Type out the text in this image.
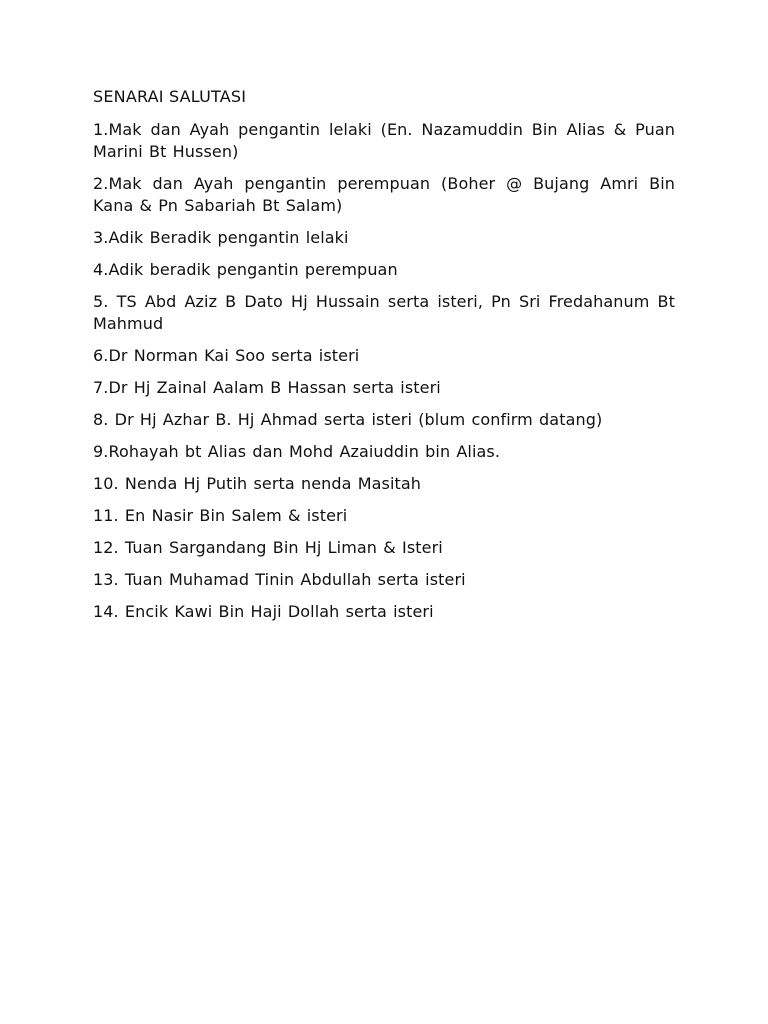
SENARAI SALUTASI

1.Mak dan Ayah pengantin lelaki (En. Nazamuddin Bin Alias & Puan Marini Bt Hussen)

2.Mak dan Ayah pengantin perempuan (Boher @ Bujang Amri Bin Kana & Pn Sabariah Bt Salam)

3.Adik Beradik pengantin lelaki

4.Adik beradik pengantin perempuan

5. TS Abd Aziz B Dato Hj Hussain serta isteri, Pn Sri Fredahanum Bt Mahmud

6.Dr Norman Kai Soo serta isteri

7.Dr Hj Zainal Aalam B Hassan serta isteri

8. Dr Hj Azhar B. Hj Ahmad serta isteri (blum confirm datang)

9.Rohayah bt Alias dan Mohd Azaiuddin bin Alias.

10. Nenda Hj Putih serta nenda Masitah

11. En Nasir Bin Salem & isteri

12. Tuan Sargandang Bin Hj Liman & Isteri

13. Tuan Muhamad Tinin Abdullah serta isteri

14. Encik Kawi Bin Haji Dollah serta isteri
